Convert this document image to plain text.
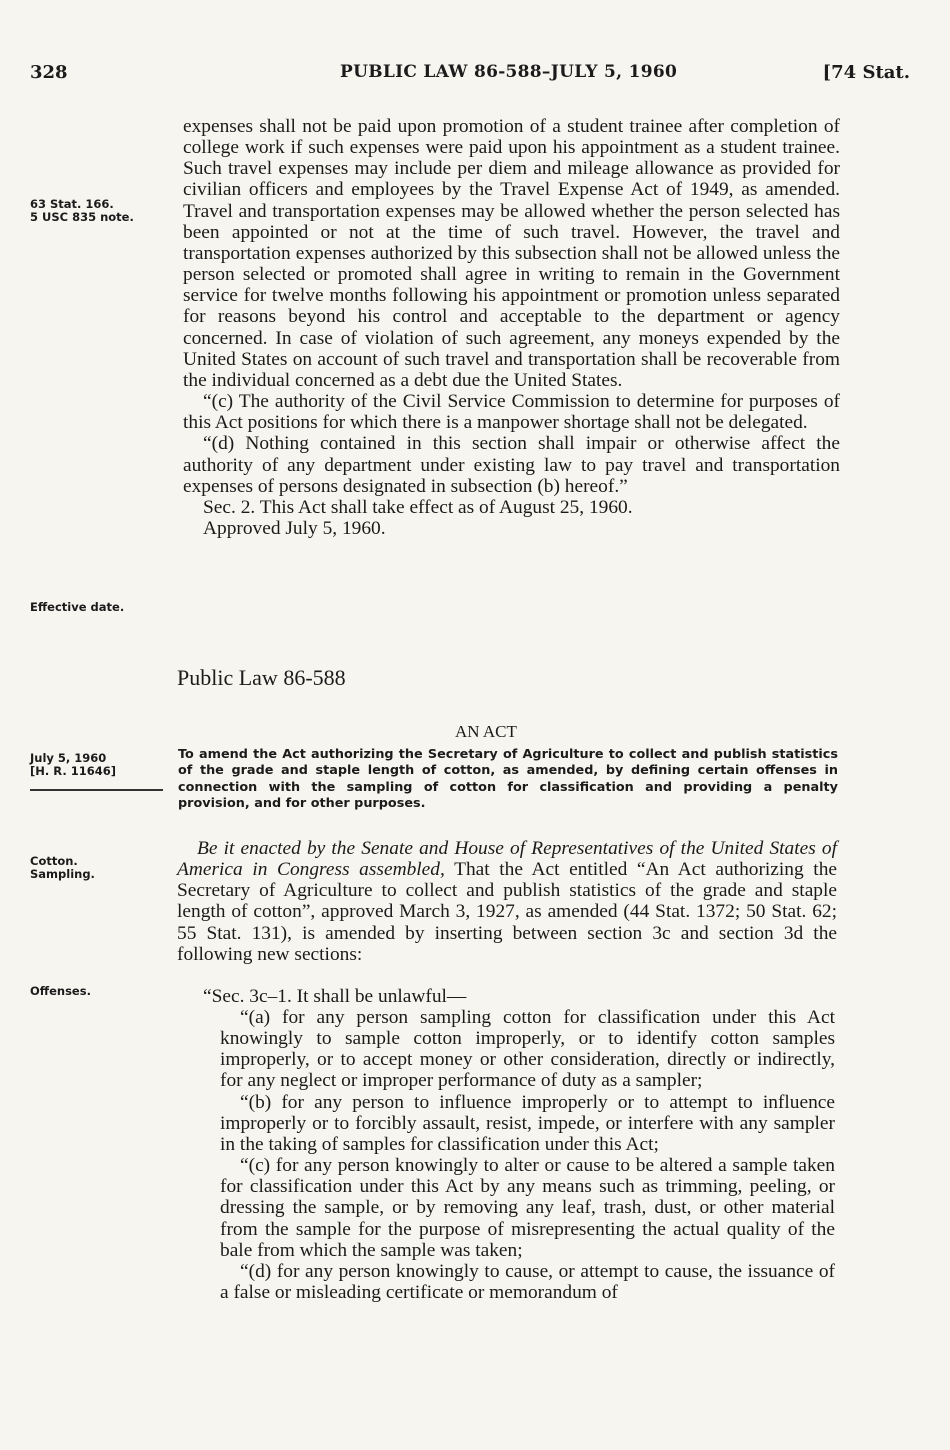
328	PUBLIC LAW 86-588–JULY 5, 1960	[74 Stat.
63 Stat. 166.
5 USC 835 note.
Effective date.
July 5, 1960
[H. R. 11646]
Cotton.
Sampling.
Offenses.

expenses shall not be paid upon promotion of a student trainee after completion of college work if such expenses were paid upon his appointment as a student trainee. Such travel expenses may include per diem and mileage allowance as provided for civilian officers and employees by the Travel Expense Act of 1949, as amended. Travel and transportation expenses may be allowed whether the person selected has been appointed or not at the time of such travel. However, the travel and transportation expenses authorized by this subsection shall not be allowed unless the person selected or promoted shall agree in writing to remain in the Government service for twelve months following his appointment or promotion unless separated for reasons beyond his control and acceptable to the department or agency concerned. In case of violation of such agreement, any moneys expended by the United States on account of such travel and transportation shall be recoverable from the individual concerned as a debt due the United States.

“(c) The authority of the Civil Service Commission to determine for purposes of this Act positions for which there is a manpower shortage shall not be delegated.

“(d) Nothing contained in this section shall impair or otherwise affect the authority of any department under existing law to pay travel and transportation expenses of persons designated in subsection (b) hereof.”

Sec. 2. This Act shall take effect as of August 25, 1960.

Approved July 5, 1960.

Public Law 86-588
AN ACT
To amend the Act authorizing the Secretary of Agriculture to collect and publish statistics of the grade and staple length of cotton, as amended, by defining certain offenses in connection with the sampling of cotton for classification and providing a penalty provision, and for other purposes.

Be it enacted by the Senate and House of Representatives of the United States of America in Congress assembled, That the Act entitled “An Act authorizing the Secretary of Agriculture to collect and publish statistics of the grade and staple length of cotton”, approved March 3, 1927, as amended (44 Stat. 1372; 50 Stat. 62; 55 Stat. 131), is amended by inserting between section 3c and section 3d the following new sections:

“Sec. 3c–1. It shall be unlawful—

“(a) for any person sampling cotton for classification under this Act knowingly to sample cotton improperly, or to identify cotton samples improperly, or to accept money or other consideration, directly or indirectly, for any neglect or improper performance of duty as a sampler;

“(b) for any person to influence improperly or to attempt to influence improperly or to forcibly assault, resist, impede, or interfere with any sampler in the taking of samples for classification under this Act;

“(c) for any person knowingly to alter or cause to be altered a sample taken for classification under this Act by any means such as trimming, peeling, or dressing the sample, or by removing any leaf, trash, dust, or other material from the sample for the purpose of misrepresenting the actual quality of the bale from which the sample was taken;

“(d) for any person knowingly to cause, or attempt to cause, the issuance of a false or misleading certificate or memorandum of
